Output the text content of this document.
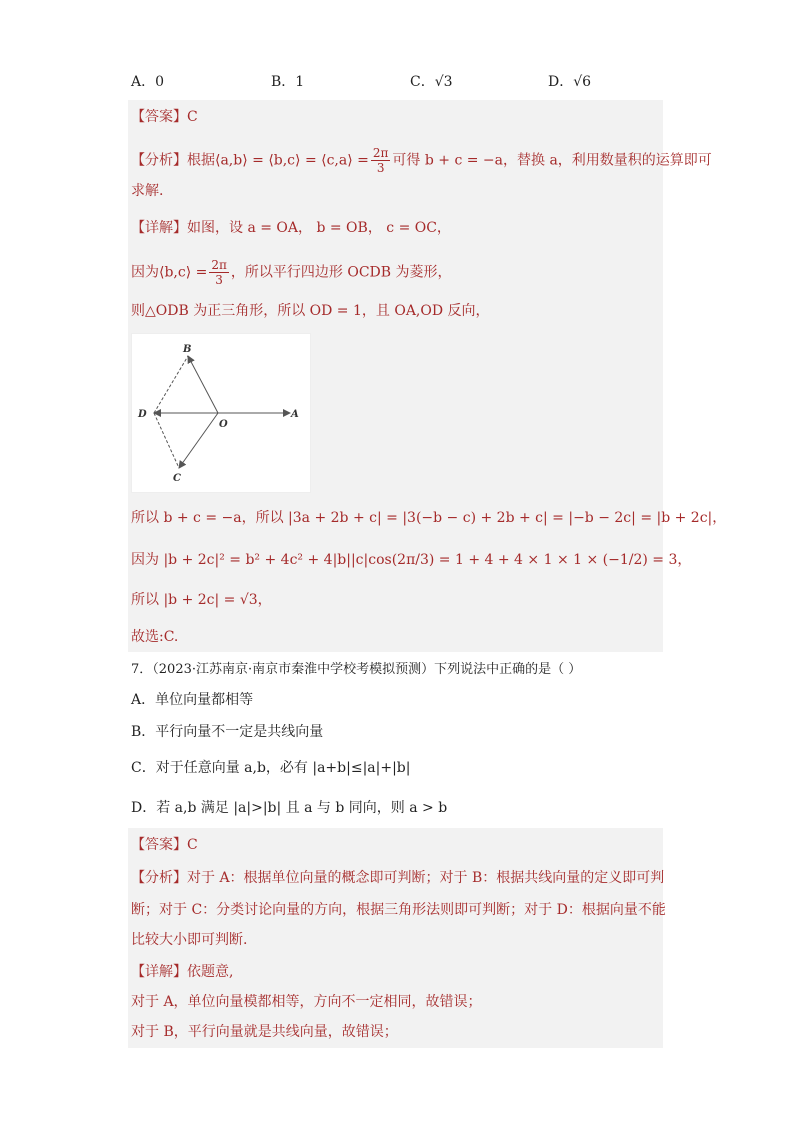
A．0	B．1	C．√3	D．√6
【答案】C
【分析】根据⟨a,b⟩ = ⟨b,c⟩ = ⟨c,a⟩ = $\frac{2\pi}{3}$ 可得 b + c = −a，替换 a，利用数量积的运算即可
求解.
【详解】如图，设 a = OA， b = OB， c = OC，
因为⟨b,c⟩ = $\frac{2\pi}{3}$ ，所以平行四边形 OCDB 为菱形，
则△ODB 为正三角形，所以 OD = 1，且 OA,OD 反向，
A
B
C
D
O
所以 b + c = −a，所以 |3a + 2b + c| = |3(−b − c) + 2b + c| = |−b − 2c| = |b + 2c|，
因为 |b + 2c|² = b² + 4c² + 4|b||c|cos(2π/3) = 1 + 4 + 4 × 1 × 1 × (−1/2) = 3，
所以 |b + 2c| = √3，
故选:C.
7．（2023·江苏南京·南京市秦淮中学校考模拟预测）下列说法中正确的是（ ）
A．单位向量都相等
B．平行向量不一定是共线向量
C．对于任意向量 a,b，必有 |a+b|≤|a|+|b|
D．若 a,b 满足 |a|>|b| 且 a 与 b 同向，则 a > b
【答案】C
【分析】对于 A：根据单位向量的概念即可判断；对于 B：根据共线向量的定义即可判
断；对于 C：分类讨论向量的方向，根据三角形法则即可判断；对于 D：根据向量不能
比较大小即可判断.
【详解】依题意,
对于 A，单位向量模都相等，方向不一定相同，故错误；
对于 B，平行向量就是共线向量，故错误；
